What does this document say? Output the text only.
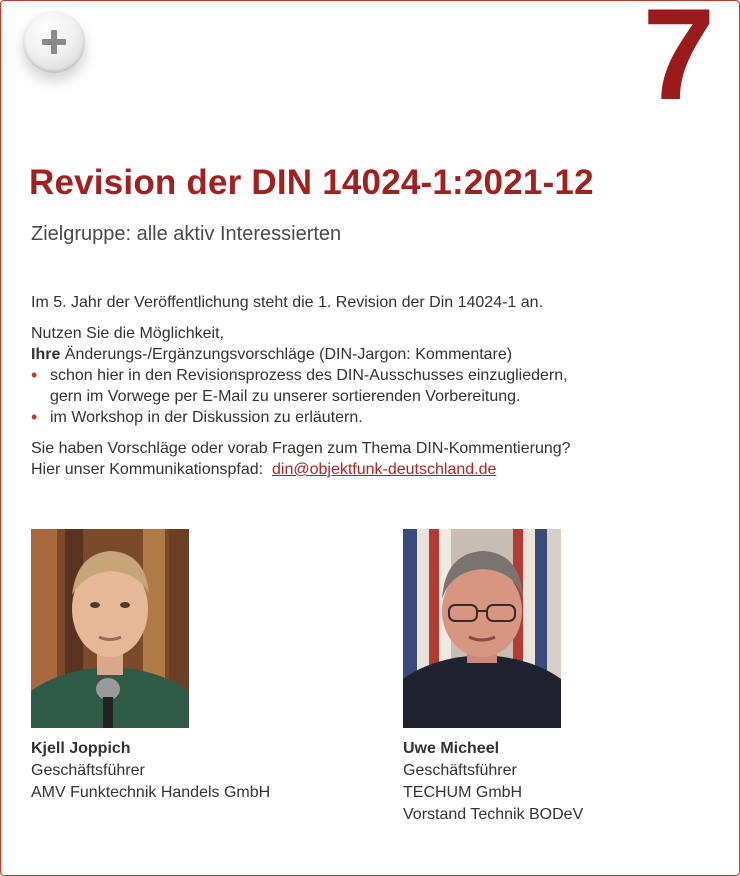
7
Revision der DIN 14024-1:2021-12
Zielgruppe: alle aktiv Interessierten

Im 5. Jahr der Veröffentlichung steht die 1. Revision der Din 14024-1 an.

Nutzen Sie die Möglichkeit,

Ihre Änderungs-/Ergänzungsvorschläge (DIN-Jargon: Kommentare)

• schon hier in den Revisionsprozess des DIN-Ausschusses einzugliedern,
gern im Vorwege per E-Mail zu unserer sortierenden Vorbereitung.
• im Workshop in der Diskussion zu erläutern.

Sie haben Vorschläge oder vorab Fragen zum Thema DIN-Kommentierung?

Hier unser Kommunikationspfad: din@objektfunk-deutschland.de

Kjell Joppich
Geschäftsführer
AMV Funktechnik Handels GmbH
Uwe Micheel
Geschäftsführer
TECHUM GmbH
Vorstand Technik BODeV
